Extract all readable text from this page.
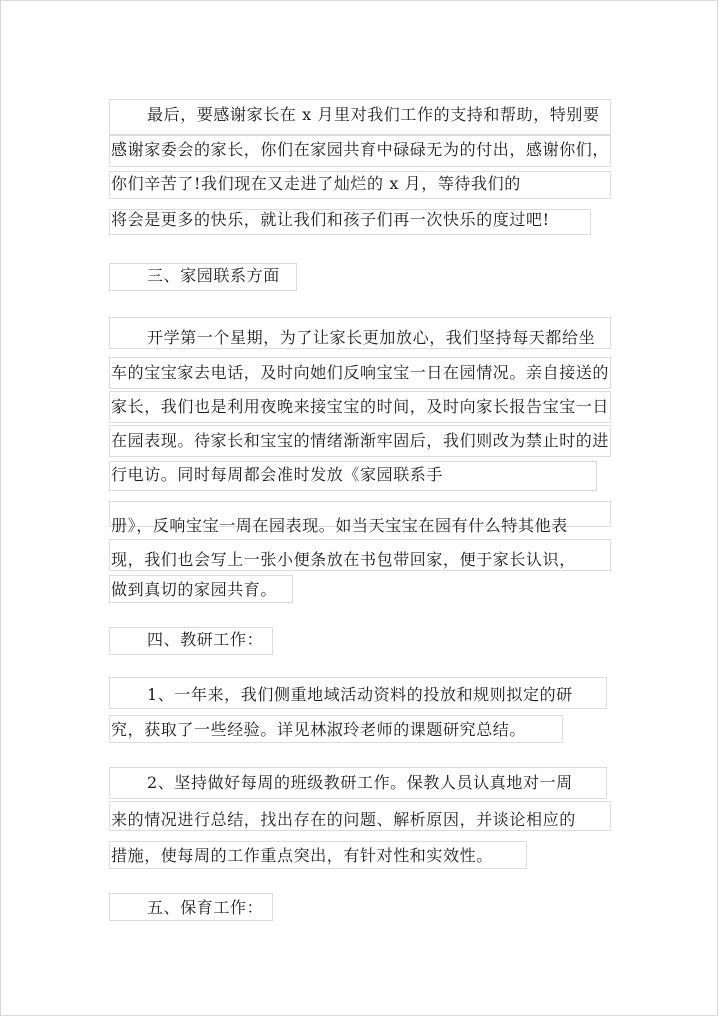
最后，要感谢家长在 x 月里对我们工作的支持和帮助，特别要
感谢家委会的家长，你们在家园共育中碌碌无为的付出，感谢你们，
你们辛苦了!我们现在又走进了灿烂的 x 月，等待我们的
将会是更多的快乐，就让我们和孩子们再一次快乐的度过吧!
三、家园联系方面
开学第一个星期，为了让家长更加放心，我们坚持每天都给坐
车的宝宝家去电话，及时向她们反响宝宝一日在园情况。亲自接送的
家长，我们也是利用夜晚来接宝宝的时间，及时向家长报告宝宝一日
在园表现。待家长和宝宝的情绪渐渐牢固后，我们则改为禁止时的进
行电访。同时每周都会准时发放《家园联系手
册》，反响宝宝一周在园表现。如当天宝宝在园有什么特其他表
现，我们也会写上一张小便条放在书包带回家，便于家长认识，
做到真切的家园共育。
四、教研工作：
1、一年来，我们侧重地域活动资料的投放和规则拟定的研
究，获取了一些经验。详见林淑玲老师的课题研究总结。
2、坚持做好每周的班级教研工作。保教人员认真地对一周
来的情况进行总结，找出存在的问题、解析原因，并谈论相应的
措施，使每周的工作重点突出，有针对性和实效性。
五、保育工作：
